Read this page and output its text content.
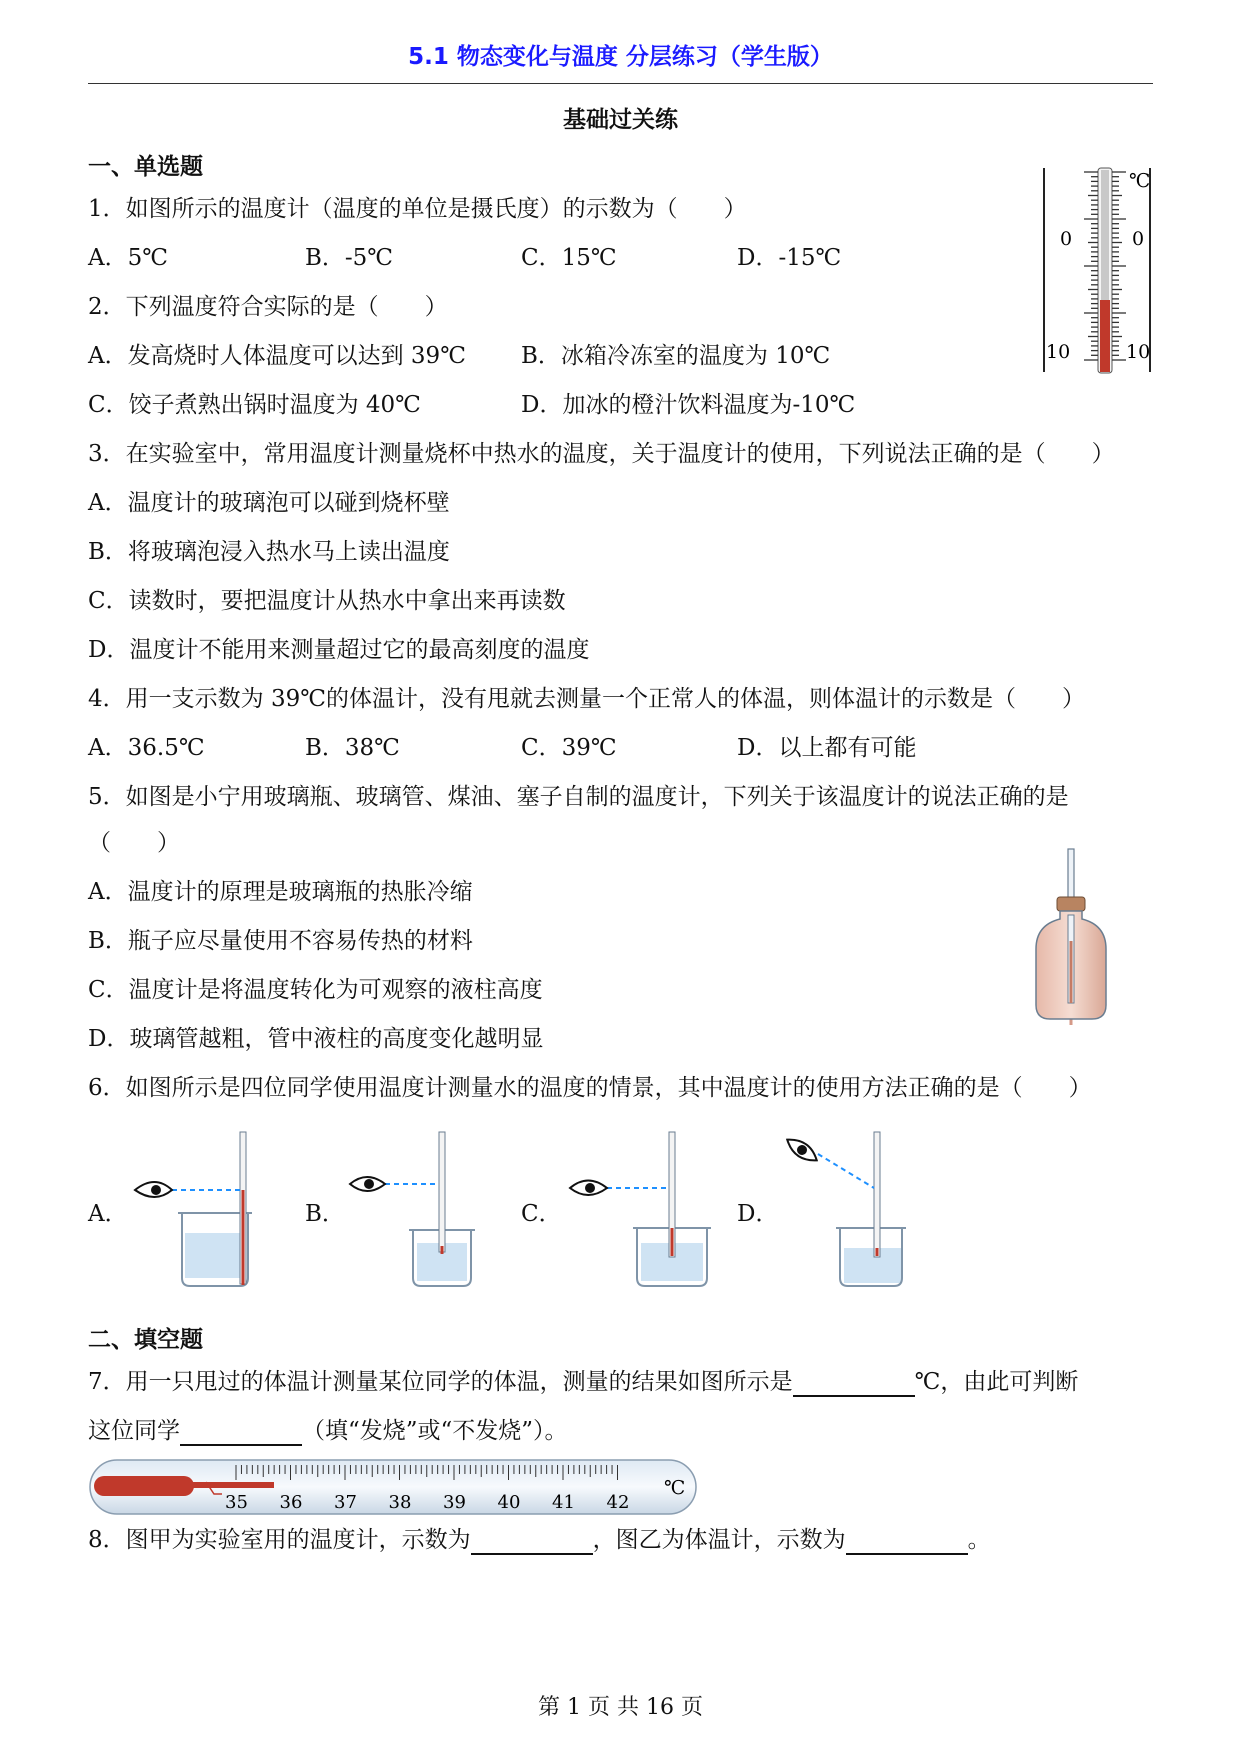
5.1 物态变化与温度 分层练习（学生版）
基础过关练
一、单选题
1．如图所示的温度计（温度的单位是摄氏度）的示数为（　　）
A．5℃	B．-5℃	C．15℃	D．-15℃
℃
0	0
10	10
2．下列温度符合实际的是（　　）
A．发高烧时人体温度可以达到 39℃ B．冰箱冷冻室的温度为 10℃
C．饺子煮熟出锅时温度为 40℃	D．加冰的橙汁饮料温度为-10℃
3．在实验室中，常用温度计测量烧杯中热水的温度，关于温度计的使用，下列说法正确的是（　　）
A．温度计的玻璃泡可以碰到烧杯壁
B．将玻璃泡浸入热水马上读出温度
C．读数时，要把温度计从热水中拿出来再读数
D．温度计不能用来测量超过它的最高刻度的温度
4．用一支示数为 39℃的体温计，没有甩就去测量一个正常人的体温，则体温计的示数是（　　）
A．36.5℃	B．38℃	C．39℃	D．以上都有可能
5．如图是小宁用玻璃瓶、玻璃管、煤油、塞子自制的温度计，下列关于该温度计的说法正确的是
（　　）
A．温度计的原理是玻璃瓶的热胀冷缩
B．瓶子应尽量使用不容易传热的材料
C．温度计是将温度转化为可观察的液柱高度
D．玻璃管越粗，管中液柱的高度变化越明显
6．如图所示是四位同学使用温度计测量水的温度的情景，其中温度计的使用方法正确的是（　　）
A．	B．	C．	D．
二、填空题
7．用一只甩过的体温计测量某位同学的体温，测量的结果如图所示是	℃，由此可判断
这位同学	（填“发烧”或“不发烧”）。
35 36 37 38 39 40 41 42
℃
8．图甲为实验室用的温度计，示数为	，图乙为体温计，示数为	。
第 1 页 共 16 页
